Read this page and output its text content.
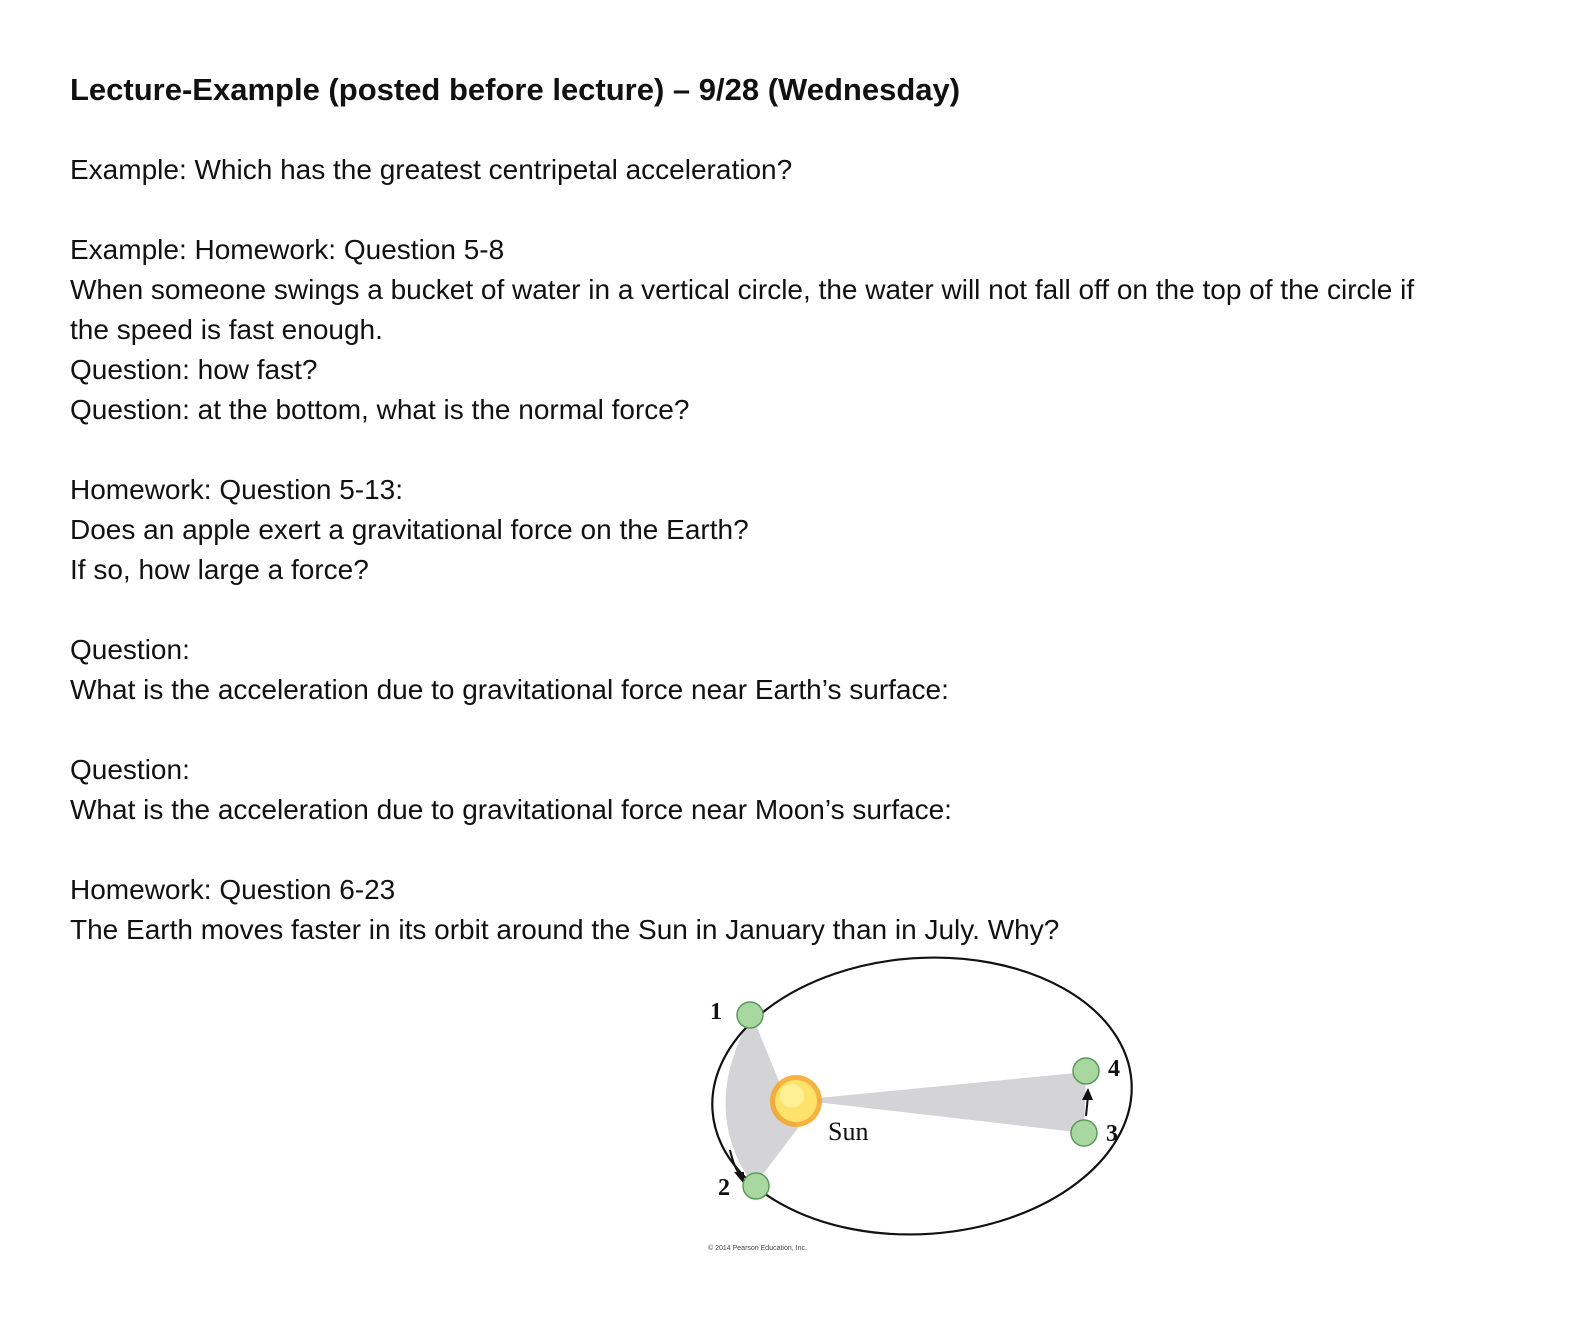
Lecture-Example (posted before lecture) – 9/28 (Wednesday)

Example: Which has the greatest centripetal acceleration?

Example: Homework: Question 5-8

When someone swings a bucket of water in a vertical circle, the water will not fall off on the top of the circle if the speed is fast enough.

Question: how fast?

Question: at the bottom, what is the normal force?

Homework: Question 5-13:

Does an apple exert a gravitational force on the Earth?

If so, how large a force?

Question:

What is the acceleration due to gravitational force near Earth’s surface:

Question:

What is the acceleration due to gravitational force near Moon’s surface:

Homework: Question 6-23

The Earth moves faster in its orbit around the Sun in January than in July. Why?

1
2
3
4
Sun
© 2014 Pearson Education, Inc.
